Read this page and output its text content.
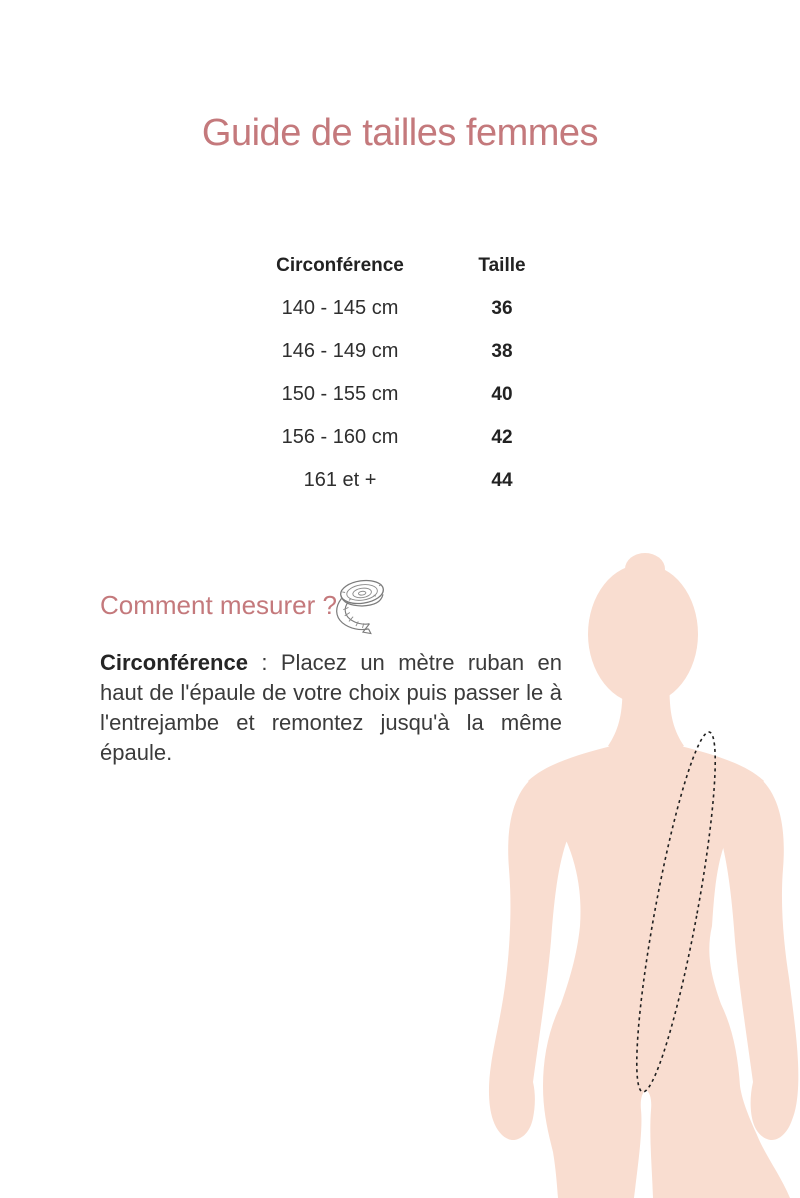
Guide de tailles femmes
Circonférence	Taille
140 - 145 cm	36
146 - 149 cm	38
150 - 155 cm	40
156 - 160 cm	42
161 et +	44
Comment mesurer ?

Circonférence : Placez un mètre ruban en haut de l'épaule de votre choix puis passer le à l'entrejambe et remontez jusqu'à la même épaule.
